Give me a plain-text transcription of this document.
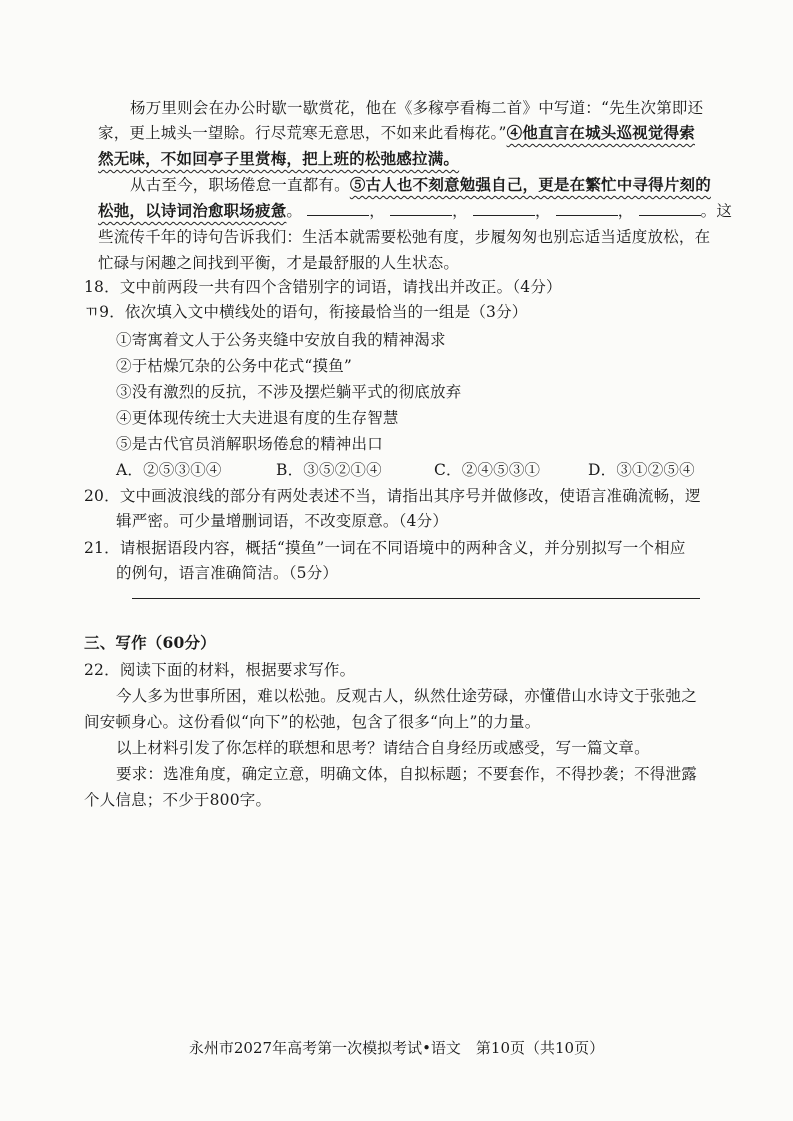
杨万里则会在办公时歇一歇赏花，他在《多稼亭看梅二首》中写道：“先生次第即还
家，更上城头一望賒。行尽荒寒无意思，不如来此看梅花。”④他直言在城头巡视觉得索
然无味，不如回亭子里赏梅，把上班的松弛感拉满。
从古至今，职场倦怠一直都有。⑤古人也不刻意勉强自己，更是在繁忙中寻得片刻的
松弛，以诗词治愈职场疲惫。	，	，	，	，	。这
些流传千年的诗句告诉我们：生活本就需要松弛有度，步履匆匆也别忘适当适度放松，在
忙碌与闲趣之间找到平衡，才是最舒服的人生状态。
18．文中前两段一共有四个含错别字的词语，请找出并改正。（4分）
ㄲ9．依次填入文中横线处的语句，衔接最恰当的一组是（3分）
①寄寓着文人于公务夹缝中安放自我的精神渴求
②于枯燥冗杂的公务中花式“摸鱼”
③没有激烈的反抗，不涉及摆烂躺平式的彻底放弃
④更体现传统士大夫进退有度的生存智慧
⑤是古代官员消解职场倦怠的精神出口
A．②⑤③①④	B．③⑤②①④	C．②④⑤③①	D．③①②⑤④
20．文中画波浪线的部分有两处表述不当，请指出其序号并做修改，使语言准确流畅，逻
辑严密。可少量增删词语，不改变原意。（4分）
21．请根据语段内容，概括“摸鱼”一词在不同语境中的两种含义，并分别拟写一个相应
的例句，语言准确简洁。（5分）
三、写作（60分）
22．阅读下面的材料，根据要求写作。
今人多为世事所困，难以松弛。反观古人，纵然仕途劳碌，亦懂借山水诗文于张弛之
间安顿身心。这份看似“向下”的松弛，包含了很多“向上”的力量。
以上材料引发了你怎样的联想和思考？请结合自身经历或感受，写一篇文章。
要求：选准角度，确定立意，明确文体，自拟标题；不要套作，不得抄袭；不得泄露
个人信息；不少于800字。
永州市2027年高考第一次模拟考试•语文　第10页（共10页）
